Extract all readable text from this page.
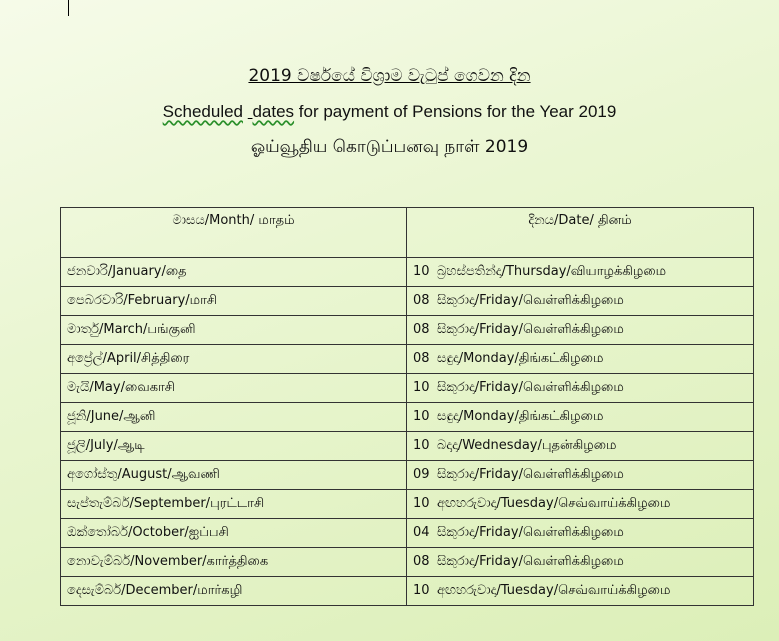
2019 වර්ෂයේ විශ්‍රාම වැටුප් ගෙවන දින
Scheduled dates for payment of Pensions for the Year 2019
ஓய்வூதிய கொடுப்பனவு நாள் 2019
මාසය/Month/ மாதம்	දිනය/Date/ தினம்
ජනවාරි/January/தை	10 බ්‍රහස්පතින්දා/Thursday/வியாழக்கிழமை
පෙබරවාරි/February/மாசி	08 සිකුරාදා/Friday/வெள்ளிக்கிழமை
මාර්තු/March/பங்குனி	08 සිකුරාදා/Friday/வெள்ளிக்கிழமை
අප්‍රේල්/April/சித்திரை	08 සඳුදා/Monday/திங்கட்கிழமை
මැයි/May/வைகாசி	10 සිකුරාදා/Friday/வெள்ளிக்கிழமை
ජූනි/June/ஆனி	10 සඳුදා/Monday/திங்கட்கிழமை
ජූලි/July/ஆடி	10 බදාදා/Wednesday/புதன்கிழமை
අගෝස්තු/August/ஆவணி	09 සිකුරාදා/Friday/வெள்ளிக்கிழமை
සැප්තැම්බර්/September/புரட்டாசி	10 අඟහරුවාදා/Tuesday/செவ்வாய்க்கிழமை
ඔක්තෝබර්/October/ஐப்பசி	04 සිකුරාදා/Friday/வெள்ளிக்கிழமை
නොවැම්බර්/November/கார்த்திகை	08 සිකුරාදා/Friday/வெள்ளிக்கிழமை
දෙසැම්බර්/December/மார்கழி	10 අඟහරුවාදා/Tuesday/செவ்வாய்க்கிழமை
